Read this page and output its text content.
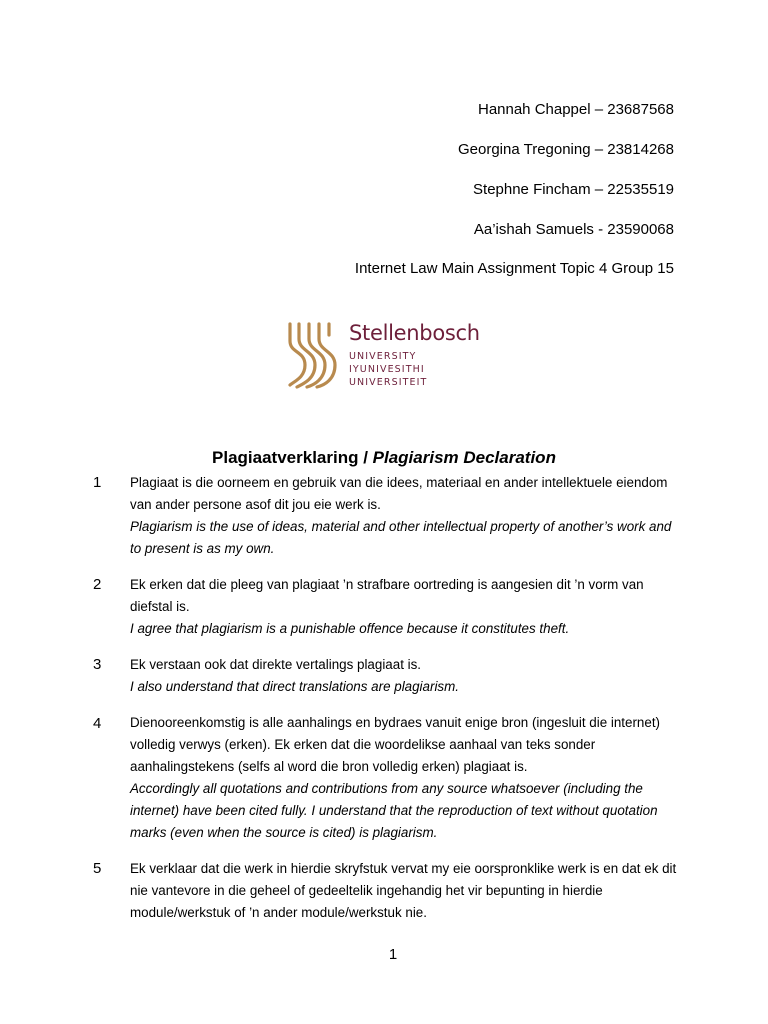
Hannah Chappel – 23687568
Georgina Tregoning – 23814268
Stephne Fincham – 22535519
Aa’ishah Samuels - 23590068
Internet Law Main Assignment Topic 4 Group 15
Stellenbosch
UNIVERSITY
IYUNIVESITHI
UNIVERSITEIT
Plagiaatverklaring / Plagiarism Declaration
1 Plagiaat is die oorneem en gebruik van die idees, materiaal en ander intellektuele eiendom van ander persone asof dit jou eie werk is.
Plagiarism is the use of ideas, material and other intellectual property of another’s work and to present is as my own.
2 Ek erken dat die pleeg van plagiaat ’n strafbare oortreding is aangesien dit ’n vorm van diefstal is.
I agree that plagiarism is a punishable offence because it constitutes theft.
3 Ek verstaan ook dat direkte vertalings plagiaat is.
I also understand that direct translations are plagiarism.
4 Dienooreenkomstig is alle aanhalings en bydraes vanuit enige bron (ingesluit die internet) volledig verwys (erken). Ek erken dat die woordelikse aanhaal van teks sonder aanhalingstekens (selfs al word die bron volledig erken) plagiaat is.
Accordingly all quotations and contributions from any source whatsoever (including the internet) have been cited fully. I understand that the reproduction of text without quotation marks (even when the source is cited) is plagiarism.
5 Ek verklaar dat die werk in hierdie skryfstuk vervat my eie oorspronklike werk is en dat ek dit nie vantevore in die geheel of gedeeltelik ingehandig het vir bepunting in hierdie module/werkstuk of ’n ander module/werkstuk nie.
1
